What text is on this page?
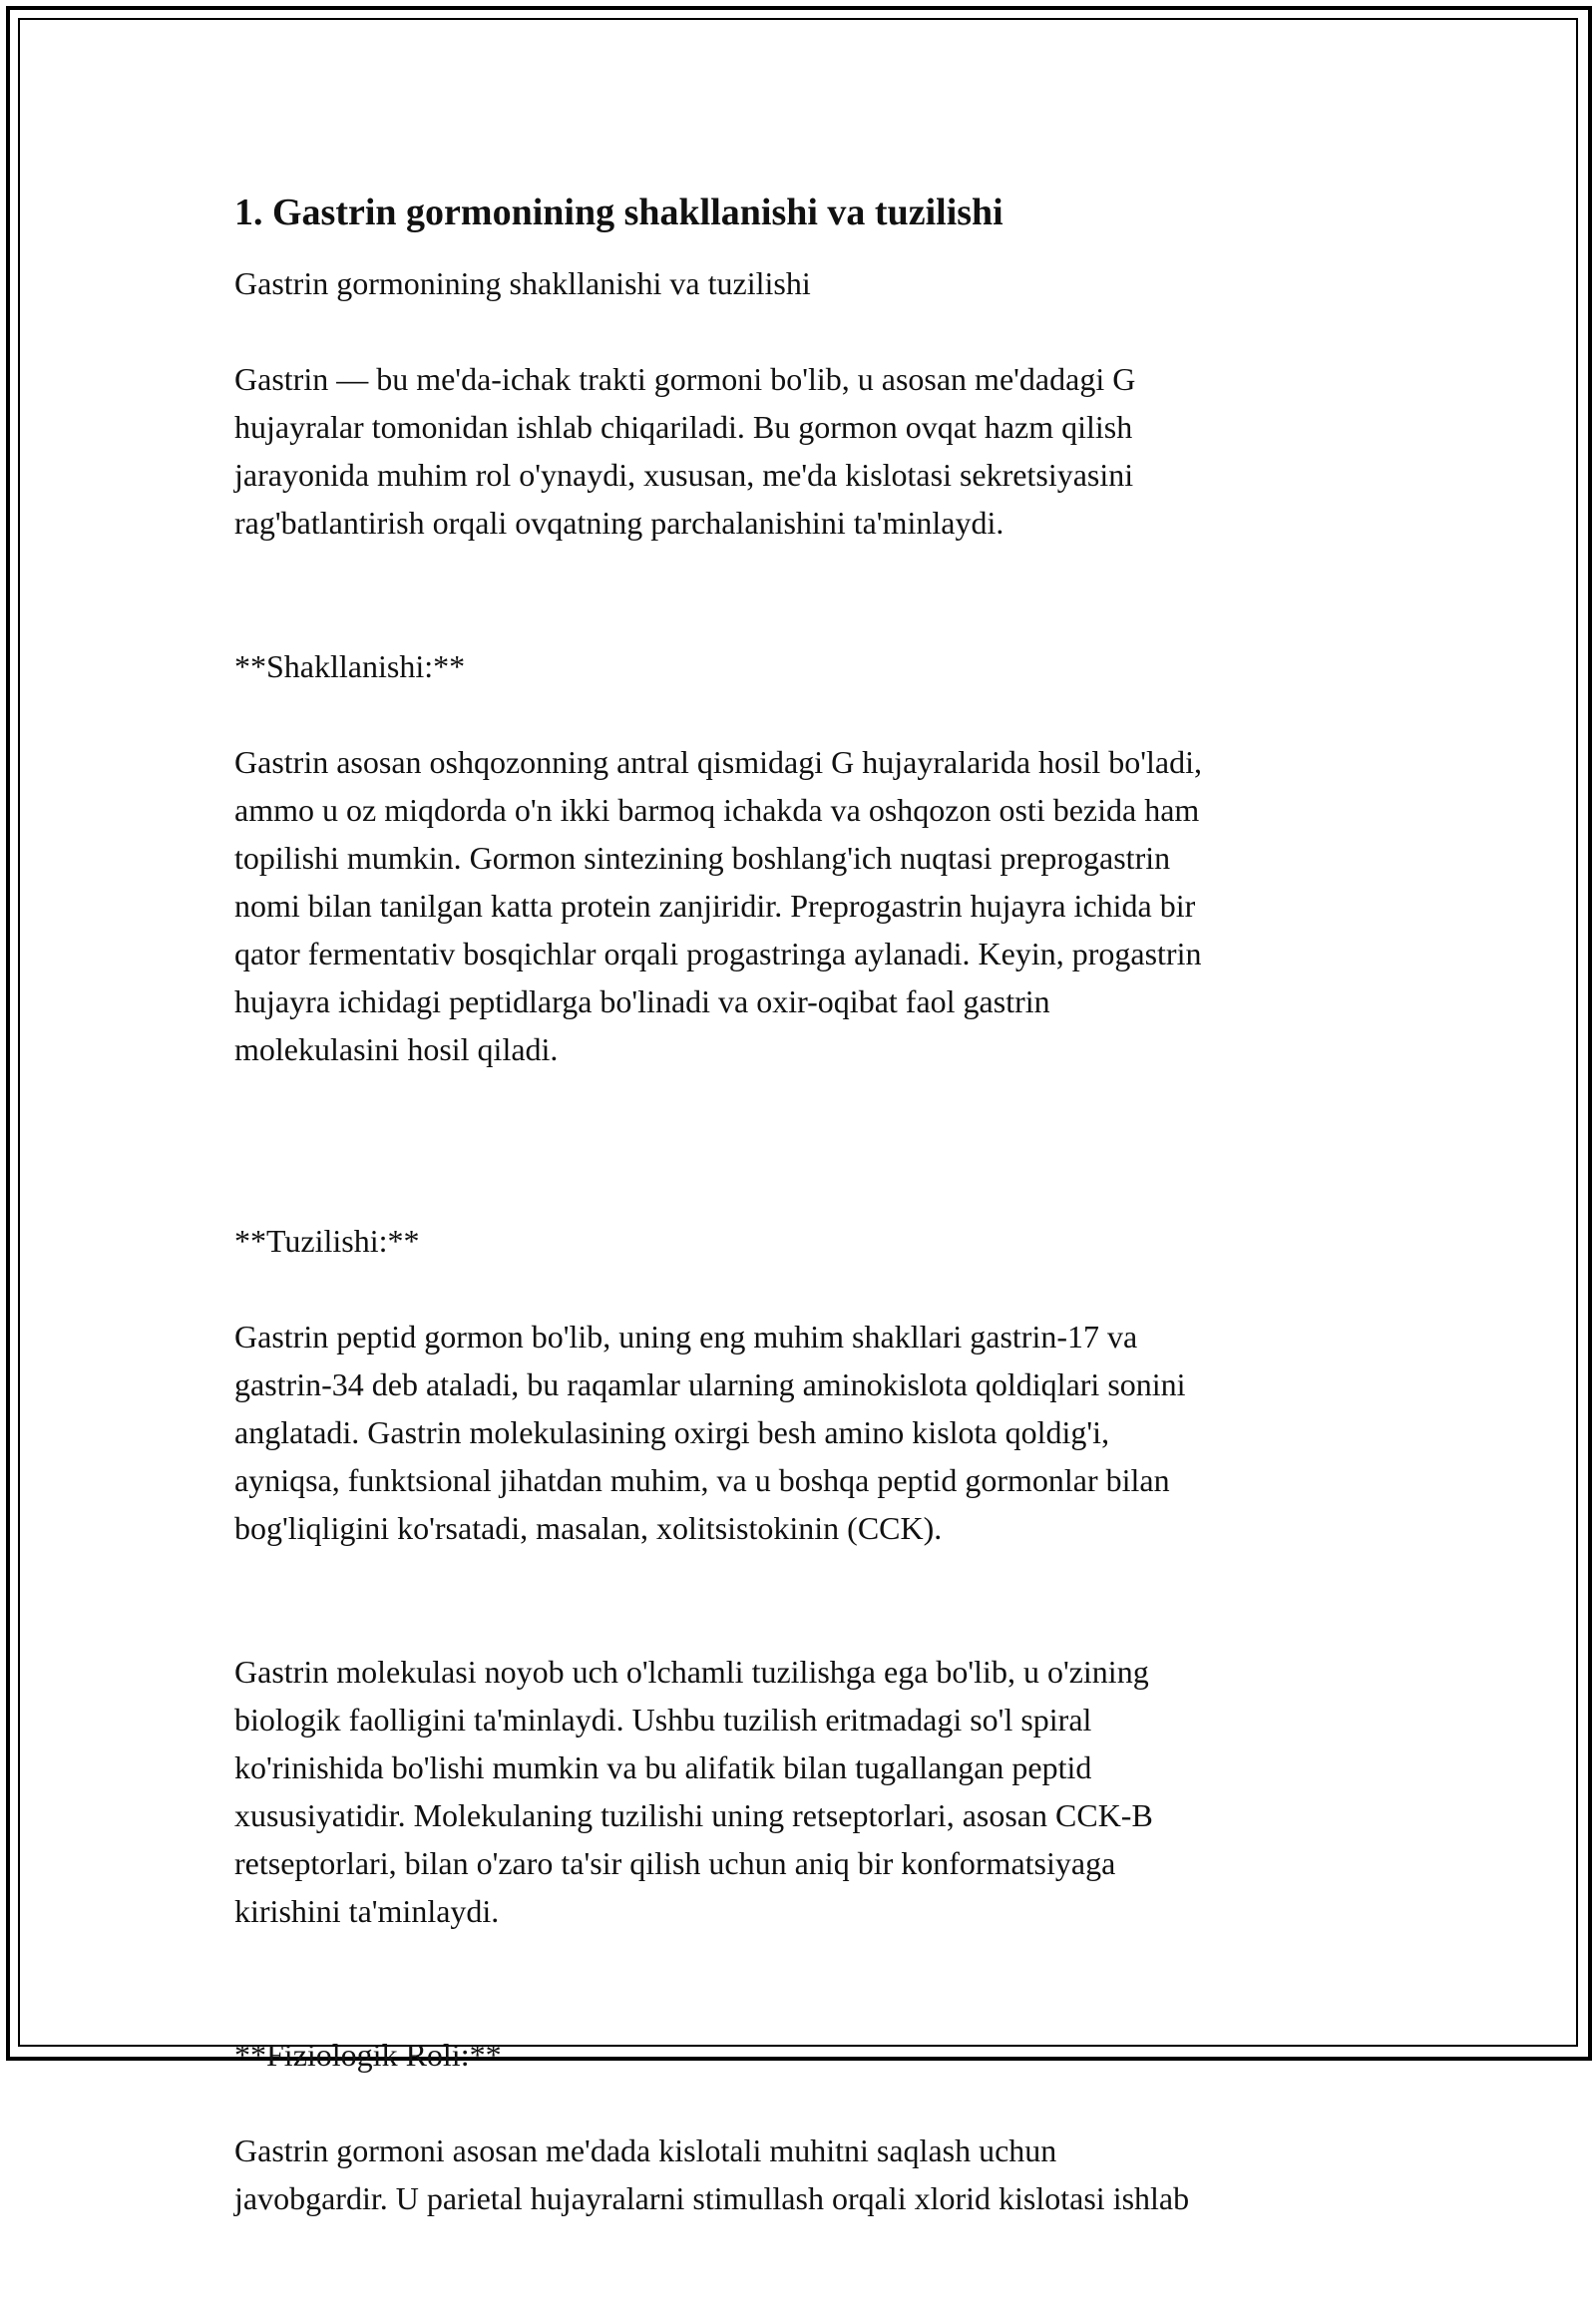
1. Gastrin gormonining shakllanishi va tuzilishi

Gastrin gormonining shakllanishi va tuzilishi

Gastrin — bu me'da-ichak trakti gormoni bo'lib, u asosan me'dadagi G
hujayralar tomonidan ishlab chiqariladi. Bu gormon ovqat hazm qilish
jarayonida muhim rol o'ynaydi, xususan, me'da kislotasi sekretsiyasini
rag'batlantirish orqali ovqatning parchalanishini ta'minlaydi.

**Shakllanishi:**

Gastrin asosan oshqozonning antral qismidagi G hujayralarida hosil bo'ladi,
ammo u oz miqdorda o'n ikki barmoq ichakda va oshqozon osti bezida ham
topilishi mumkin. Gormon sintezining boshlang'ich nuqtasi preprogastrin
nomi bilan tanilgan katta protein zanjiridir. Preprogastrin hujayra ichida bir
qator fermentativ bosqichlar orqali progastringa aylanadi. Keyin, progastrin
hujayra ichidagi peptidlarga bo'linadi va oxir-oqibat faol gastrin
molekulasini hosil qiladi.

**Tuzilishi:**

Gastrin peptid gormon bo'lib, uning eng muhim shakllari gastrin-17 va
gastrin-34 deb ataladi, bu raqamlar ularning aminokislota qoldiqlari sonini
anglatadi. Gastrin molekulasining oxirgi besh amino kislota qoldig'i,
ayniqsa, funktsional jihatdan muhim, va u boshqa peptid gormonlar bilan
bog'liqligini ko'rsatadi, masalan, xolitsistokinin (CCK).

Gastrin molekulasi noyob uch o'lchamli tuzilishga ega bo'lib, u o'zining
biologik faolligini ta'minlaydi. Ushbu tuzilish eritmadagi so'l spiral
ko'rinishida bo'lishi mumkin va bu alifatik bilan tugallangan peptid
xususiyatidir. Molekulaning tuzilishi uning retseptorlari, asosan CCK-B
retseptorlari, bilan o'zaro ta'sir qilish uchun aniq bir konformatsiyaga
kirishini ta'minlaydi.

**Fiziologik Roli:**

Gastrin gormoni asosan me'dada kislotali muhitni saqlash uchun
javobgardir. U parietal hujayralarni stimullash orqali xlorid kislotasi ishlab
